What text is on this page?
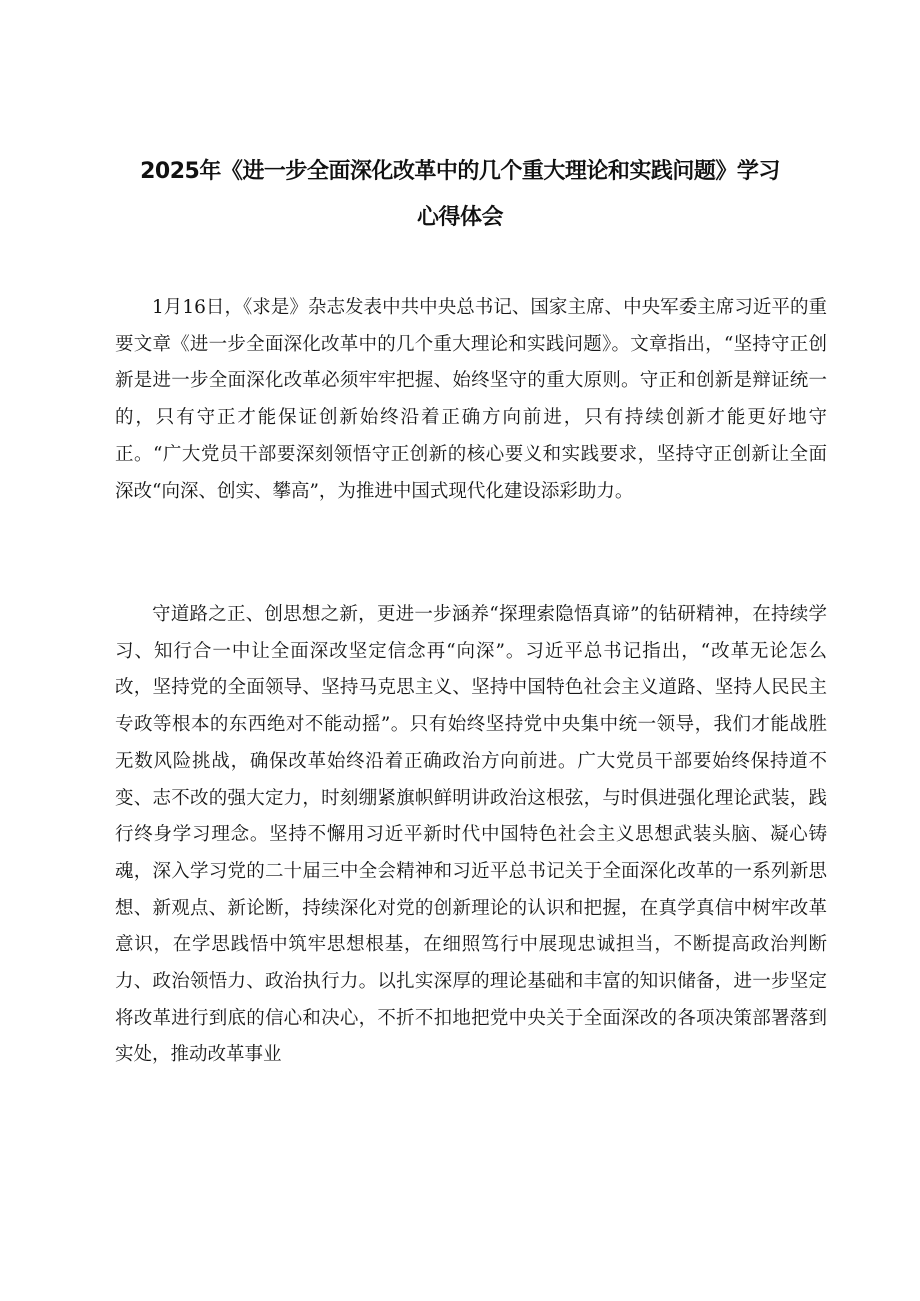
2025年《进一步全面深化改革中的几个重大理论和实践问题》学习
心得体会

1月16日，《求是》杂志发表中共中央总书记、国家主席、中央军委主席习近平的重要文章《进一步全面深化改革中的几个重大理论和实践问题》。文章指出，“坚持守正创新是进一步全面深化改革必须牢牢把握、始终坚守的重大原则。守正和创新是辩证统一的，只有守正才能保证创新始终沿着正确方向前进，只有持续创新才能更好地守正。“广大党员干部要深刻领悟守正创新的核心要义和实践要求，坚持守正创新让全面深改“向深、创实、攀高”，为推进中国式现代化建设添彩助力。

守道路之正、创思想之新，更进一步涵养“探理索隐悟真谛”的钻研精神，在持续学习、知行合一中让全面深改坚定信念再“向深”。习近平总书记指出，“改革无论怎么改，坚持党的全面领导、坚持马克思主义、坚持中国特色社会主义道路、坚持人民民主专政等根本的东西绝对不能动摇”。只有始终坚持党中央集中统一领导，我们才能战胜无数风险挑战，确保改革始终沿着正确政治方向前进。广大党员干部要始终保持道不变、志不改的强大定力，时刻绷紧旗帜鲜明讲政治这根弦，与时俱进强化理论武装，践行终身学习理念。坚持不懈用习近平新时代中国特色社会主义思想武装头脑、凝心铸魂，深入学习党的二十届三中全会精神和习近平总书记关于全面深化改革的一系列新思想、新观点、新论断，持续深化对党的创新理论的认识和把握，在真学真信中树牢改革意识，在学思践悟中筑牢思想根基，在细照笃行中展现忠诚担当，不断提高政治判断力、政治领悟力、政治执行力。以扎实深厚的理论基础和丰富的知识储备，进一步坚定将改革进行到底的信心和决心，不折不扣地把党中央关于全面深改的各项决策部署落到实处，推动改革事业
